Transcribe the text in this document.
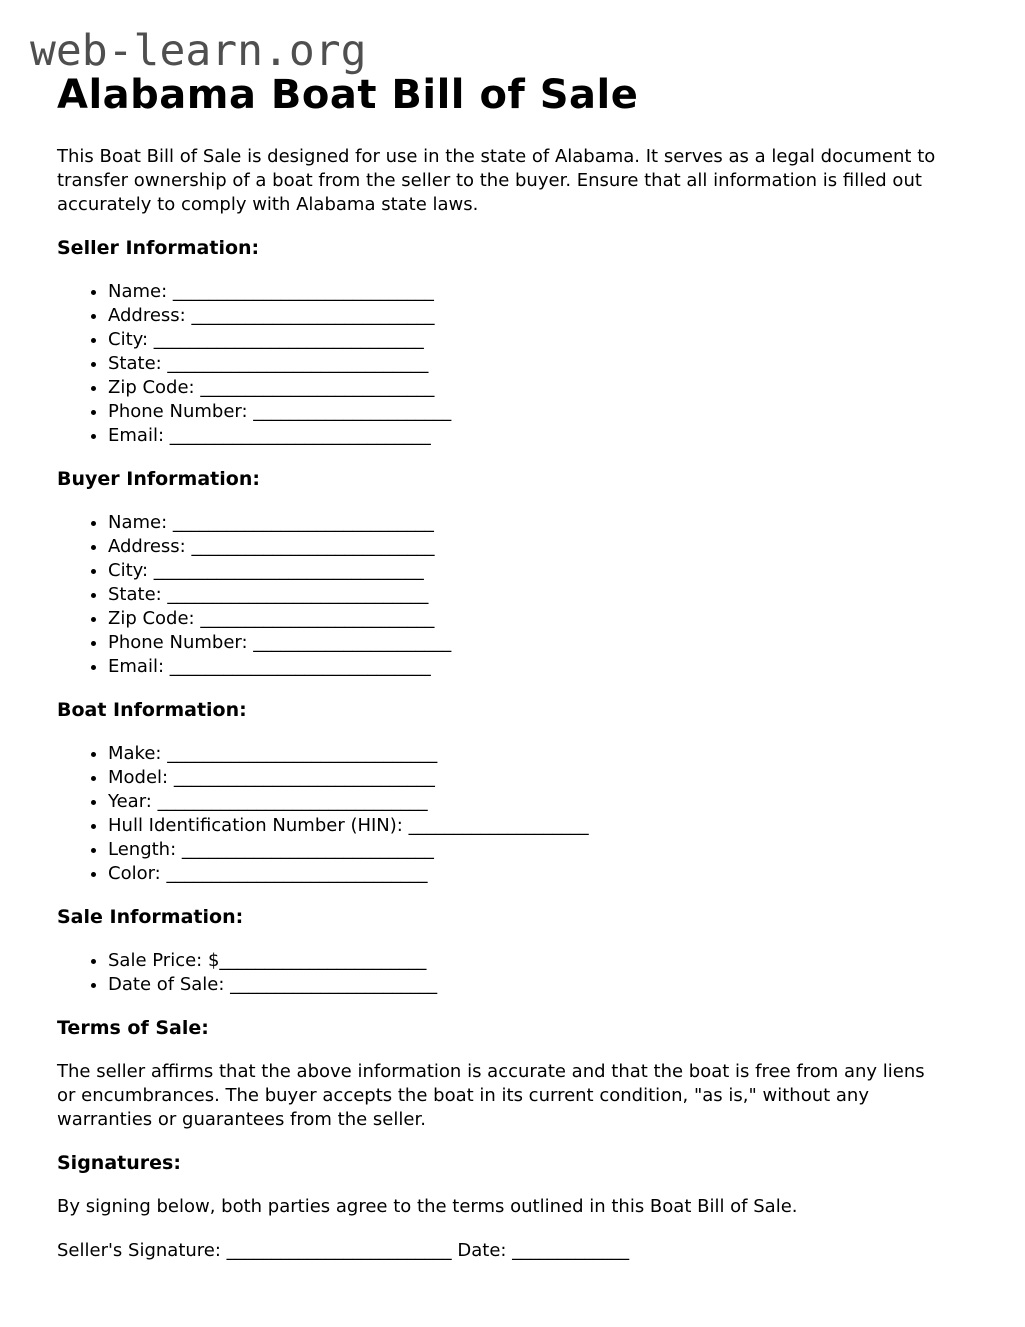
web-learn.org
Alabama Boat Bill of Sale

This Boat Bill of Sale is designed for use in the state of Alabama. It serves as a legal document to transfer ownership of a boat from the seller to the buyer. Ensure that all information is filled out accurately to comply with Alabama state laws.

Seller Information:
• Name: _____________________________
• Address: ___________________________
• City: ______________________________
• State: _____________________________
• Zip Code: __________________________
• Phone Number: ______________________
• Email: _____________________________
Buyer Information:
• Name: _____________________________
• Address: ___________________________
• City: ______________________________
• State: _____________________________
• Zip Code: __________________________
• Phone Number: ______________________
• Email: _____________________________
Boat Information:
• Make: ______________________________
• Model: _____________________________
• Year: ______________________________
• Hull Identification Number (HIN): ____________________
• Length: ____________________________
• Color: _____________________________
Sale Information:
• Sale Price: $_______________________
• Date of Sale: _______________________
Terms of Sale:

The seller affirms that the above information is accurate and that the boat is free from any liens or encumbrances. The buyer accepts the boat in its current condition, "as is," without any warranties or guarantees from the seller.

Signatures:

By signing below, both parties agree to the terms outlined in this Boat Bill of Sale.

Seller's Signature: _________________________ Date: _____________
